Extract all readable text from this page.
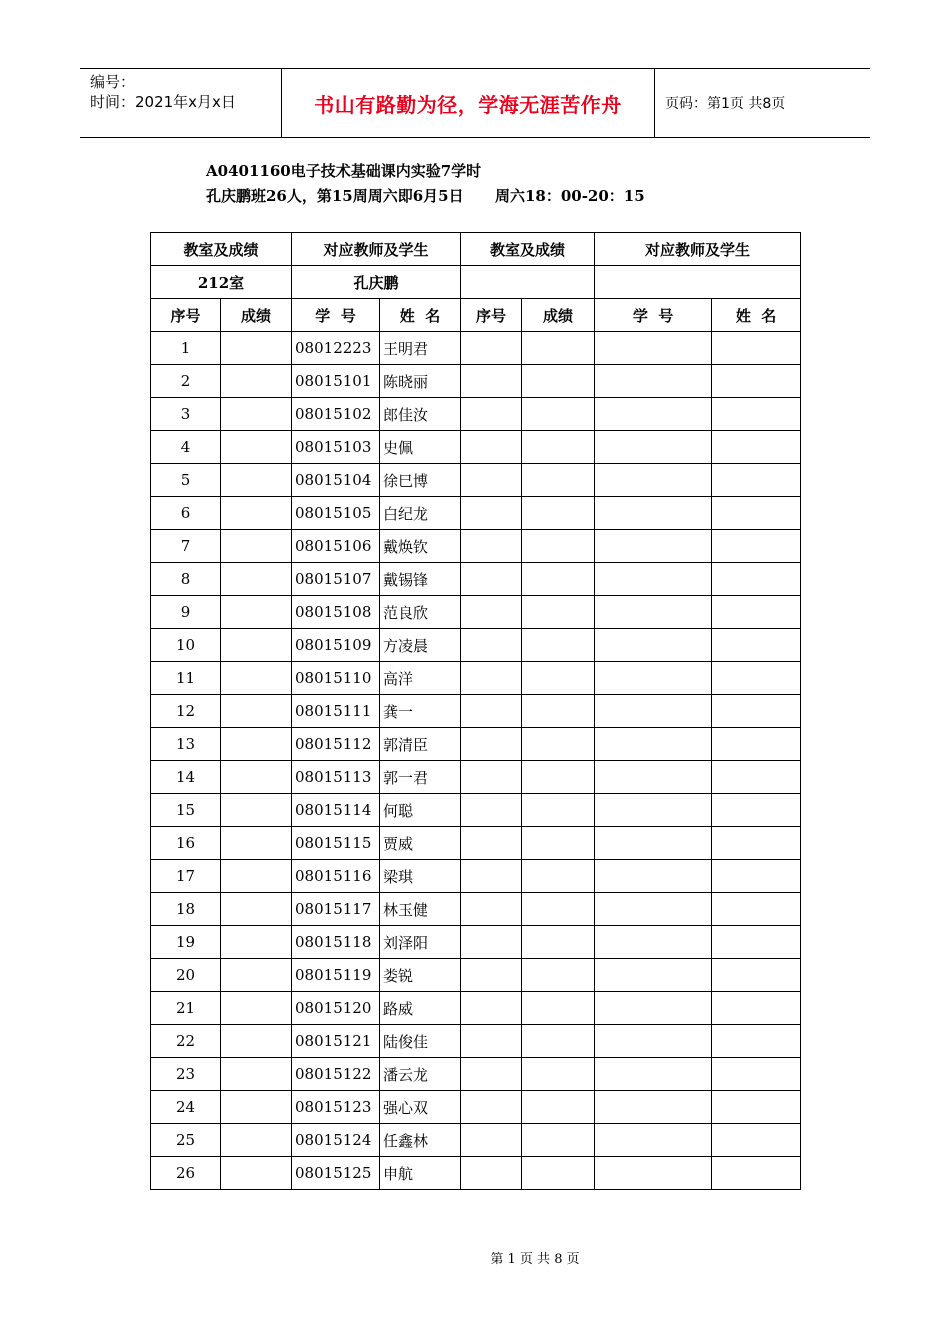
编号：
时间：2021年x月x日	书山有路勤为径，学海无涯苦作舟	页码：第1页 共8页
A0401160电子技术基础课内实验7学时
孔庆鹏班26人，第15周周六即6月5日      周六18：00-20：15
教室及成绩		对应教师及学生		教室及成绩		对应教师及学生	
212室		孔庆鹏					
序号	成绩	学  号	姓  名	序号	成绩	学  号	姓  名
1		08012223	王明君				
2		08015101	陈晓丽				
3		08015102	郎佳汝				
4		08015103	史佩				
5		08015104	徐巳博				
6		08015105	白纪龙				
7		08015106	戴焕钦				
8		08015107	戴锡锋				
9		08015108	范良欣				
10		08015109	方凌晨				
11		08015110	高洋				
12		08015111	龚一				
13		08015112	郭清臣				
14		08015113	郭一君				
15		08015114	何聪				
16		08015115	贾威				
17		08015116	梁琪				
18		08015117	林玉健				
19		08015118	刘泽阳				
20		08015119	娄锐				
21		08015120	路威				
22		08015121	陆俊佳				
23		08015122	潘云龙				
24		08015123	强心双				
25		08015124	任鑫林				
26		08015125	申航				
第 1 页 共 8 页
